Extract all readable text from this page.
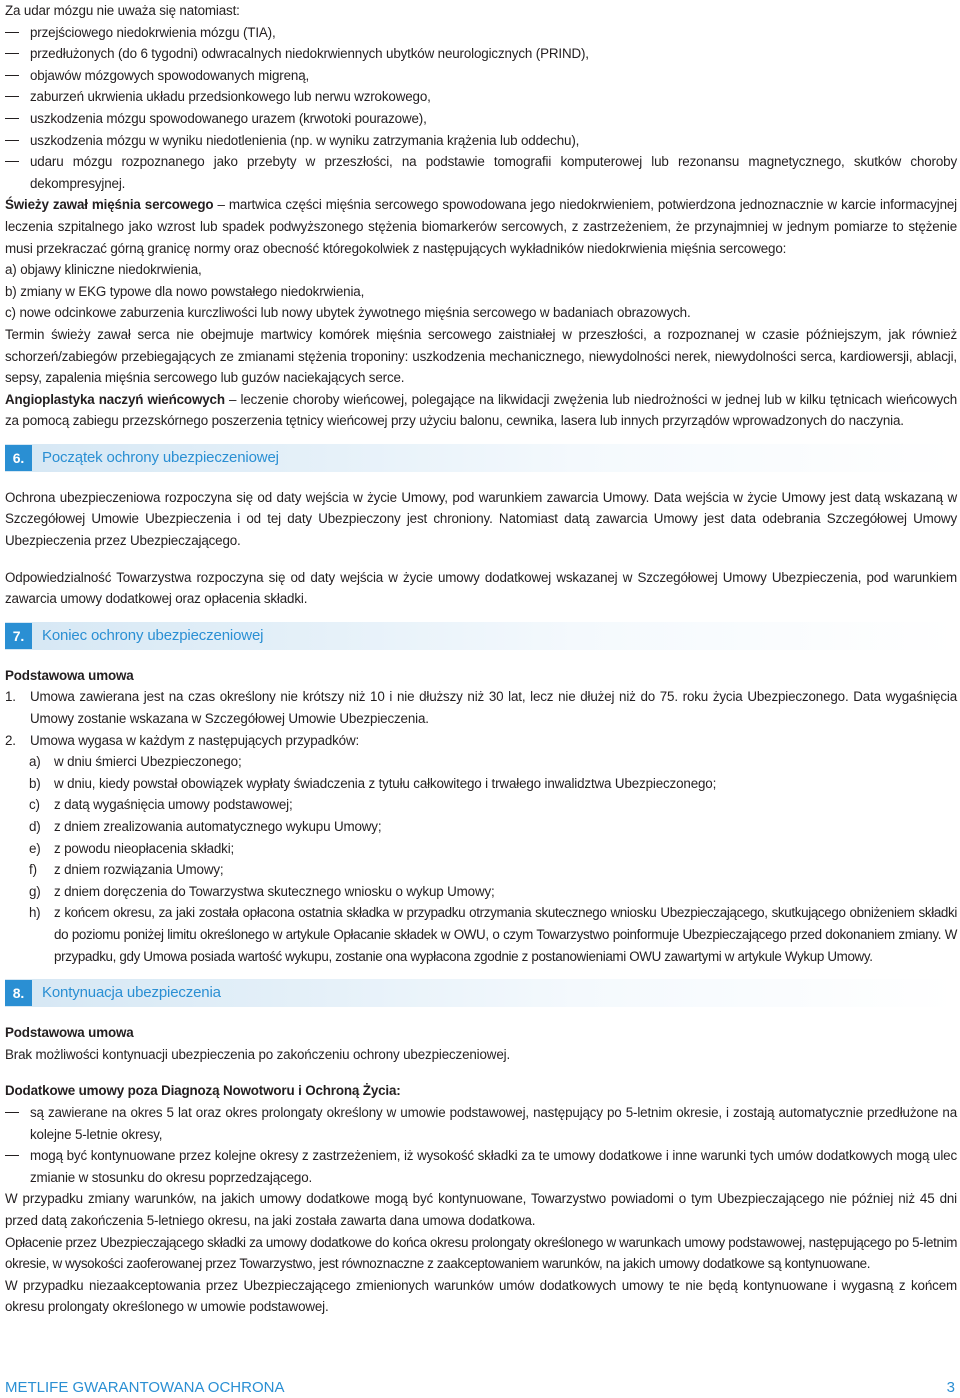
Za udar mózgu nie uważa się natomiast:

przejściowego niedokrwienia mózgu (TIA),
przedłużonych (do 6 tygodni) odwracalnych niedokrwiennych ubytków neurologicznych (PRIND),
objawów mózgowych spowodowanych migreną,
zaburzeń ukrwienia układu przedsionkowego lub nerwu wzrokowego,
uszkodzenia mózgu spowodowanego urazem (krwotoki pourazowe),
uszkodzenia mózgu w wyniku niedotlenienia (np. w wyniku zatrzymania krążenia lub oddechu),
udaru mózgu rozpoznanego jako przebyty w przeszłości, na podstawie tomografii komputerowej lub rezonansu magnetycznego, skutków choroby dekompresyjnej.

Świeży zawał mięśnia sercowego – martwica części mięśnia sercowego spowodowana jego niedokrwieniem, potwierdzona jednoznacznie w karcie informacyjnej leczenia szpitalnego jako wzrost lub spadek podwyższonego stężenia biomarkerów sercowych, z zastrzeżeniem, że przynajmniej w jednym pomiarze to stężenie musi przekraczać górną granicę normy oraz obecność któregokolwiek z następujących wykładników niedokrwienia mięśnia sercowego:

a) objawy kliniczne niedokrwienia,
b) zmiany w EKG typowe dla nowo powstałego niedokrwienia,
c) nowe odcinkowe zaburzenia kurczliwości lub nowy ubytek żywotnego mięśnia sercowego w badaniach obrazowych.

Termin świeży zawał serca nie obejmuje martwicy komórek mięśnia sercowego zaistniałej w przeszłości, a rozpoznanej w czasie późniejszym, jak również schorzeń/zabiegów przebiegających ze zmianami stężenia troponiny: uszkodzenia mechanicznego, niewydolności nerek, niewydolności serca, kardiowersji, ablacji, sepsy, zapalenia mięśnia sercowego lub guzów naciekających serce.

Angioplastyka naczyń wieńcowych – leczenie choroby wieńcowej, polegające na likwidacji zwężenia lub niedrożności w jednej lub w kilku tętnicach wieńcowych za pomocą zabiegu przezskórnego poszerzenia tętnicy wieńcowej przy użyciu balonu, cewnika, lasera lub innych przyrządów wprowadzonych do naczynia.

6.	Początek ochrony ubezpieczeniowej

Ochrona ubezpieczeniowa rozpoczyna się od daty wejścia w życie Umowy, pod warunkiem zawarcia Umowy. Data wejścia w życie Umowy jest datą wskazaną w Szczegółowej Umowie Ubezpieczenia i od tej daty Ubezpieczony jest chroniony. Natomiast datą zawarcia Umowy jest data odebrania Szczegółowej Umowy Ubezpieczenia przez Ubezpieczającego.

Odpowiedzialność Towarzystwa rozpoczyna się od daty wejścia w życie umowy dodatkowej wskazanej w Szczegółowej Umowy Ubezpieczenia, pod warunkiem zawarcia umowy dodatkowej oraz opłacenia składki.

7.	Koniec ochrony ubezpieczeniowej

Podstawowa umowa

1. Umowa zawierana jest na czas określony nie krótszy niż 10 i nie dłuższy niż 30 lat, lecz nie dłużej niż do 75. roku życia Ubezpieczonego. Data wygaśnięcia Umowy zostanie wskazana w Szczegółowej Umowie Ubezpieczenia.
2. Umowa wygasa w każdym z następujących przypadków:
a) w dniu śmierci Ubezpieczonego;
b) w dniu, kiedy powstał obowiązek wypłaty świadczenia z tytułu całkowitego i trwałego inwalidztwa Ubezpieczonego;
c) z datą wygaśnięcia umowy podstawowej;
d) z dniem zrealizowania automatycznego wykupu Umowy;
e) z powodu nieopłacenia składki;
f) z dniem rozwiązania Umowy;
g) z dniem doręczenia do Towarzystwa skutecznego wniosku o wykup Umowy;
h) z końcem okresu, za jaki została opłacona ostatnia składka w przypadku otrzymania skutecznego wniosku Ubezpieczającego, skutkującego obniżeniem składki do poziomu poniżej limitu określonego w artykule Opłacanie składek w OWU, o czym Towarzystwo poinformuje Ubezpieczającego przed dokonaniem zmiany. W przypadku, gdy Umowa posiada wartość wykupu, zostanie ona wypłacona zgodnie z postanowieniami OWU zawartymi w artykule Wykup Umowy.
8.	Kontynuacja ubezpieczenia

Podstawowa umowa

Brak możliwości kontynuacji ubezpieczenia po zakończeniu ochrony ubezpieczeniowej.

Dodatkowe umowy poza Diagnozą Nowotworu i Ochroną Życia:

są zawierane na okres 5 lat oraz okres prolongaty określony w umowie podstawowej, następujący po 5-letnim okresie, i zostają automatycznie przedłużone na kolejne 5-letnie okresy,
mogą być kontynuowane przez kolejne okresy z zastrzeżeniem, iż wysokość składki za te umowy dodatkowe i inne warunki tych umów dodatkowych mogą ulec zmianie w stosunku do okresu poprzedzającego.

W przypadku zmiany warunków, na jakich umowy dodatkowe mogą być kontynuowane, Towarzystwo powiadomi o tym Ubezpieczającego nie później niż 45 dni przed datą zakończenia 5-letniego okresu, na jaki została zawarta dana umowa dodatkowa.

Opłacenie przez Ubezpieczającego składki za umowy dodatkowe do końca okresu prolongaty określonego w warunkach umowy podstawowej, następującego po 5-letnim okresie, w wysokości zaoferowanej przez Towarzystwo, jest równoznaczne z zaakceptowaniem warunków, na jakich umowy dodatkowe są kontynuowane.

W przypadku niezaakceptowania przez Ubezpieczającego zmienionych warunków umów dodatkowych umowy te nie będą kontynuowane i wygasną z końcem okresu prolongaty określonego w umowie podstawowej.

METLIFE GWARANTOWANA OCHRONA	3
